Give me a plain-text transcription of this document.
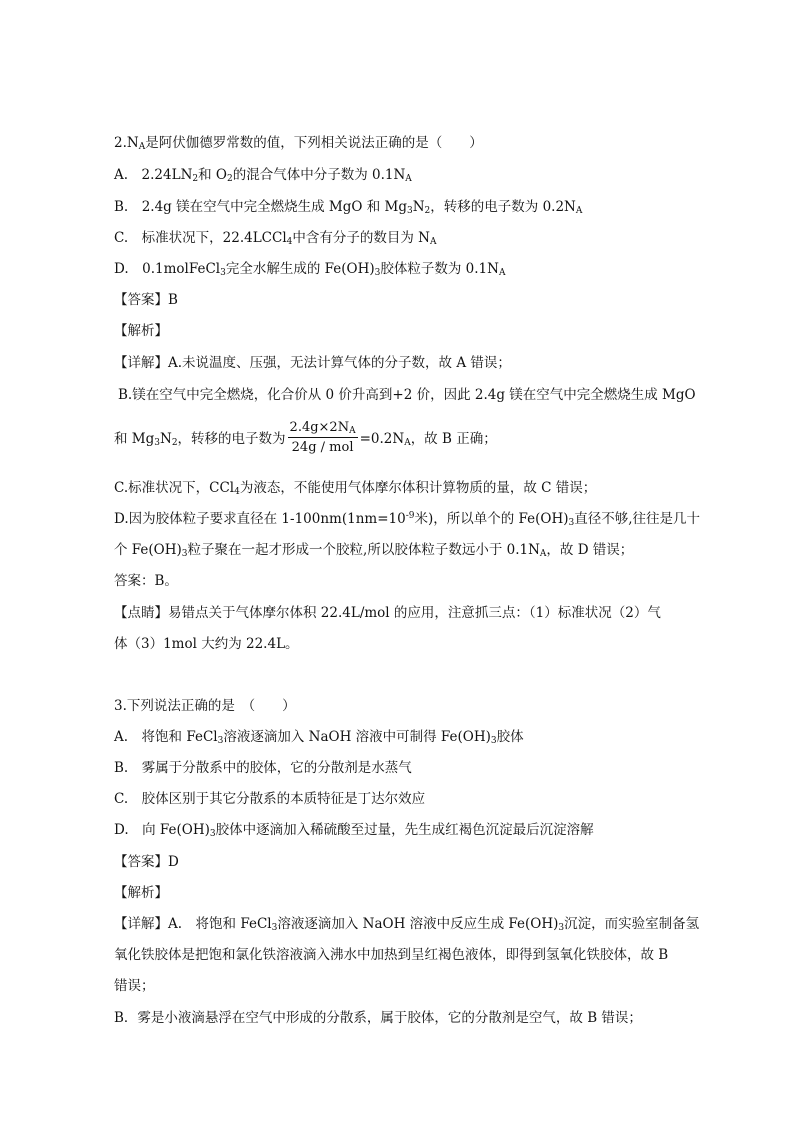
$2.N_A$是阿伏伽德罗常数的值，下列相关说法正确的是（　　）
A.　$2.24LN_2$和 $O_2$的混合气体中分子数为 $0.1N_A$
B.　2.4g 镁在空气中完全燃烧生成 MgO 和 $Mg_3N_2$，转移的电子数为 $0.2N_A$
C.　标准状况下，22.4LCCl$_4$中含有分子的数目为 $N_A$
D.　0.1molFeCl$_3$完全水解生成的 $Fe(OH)_3$胶体粒子数为 $0.1N_A$
【答案】B
【解析】
【详解】A.未说温度、压强，无法计算气体的分子数，故 A 错误；
B.镁在空气中完全燃烧，化合价从 0 价升高到+2 价，因此 2.4g 镁在空气中完全燃烧生成 MgO
和 $Mg_3N_2$，转移的电子数为 $\frac{2.4g\times 2N_A}{\text{24g / mol}} =0.2N_A$，故 B 正确；
C.标准状况下，CCl$_4$为液态，不能使用气体摩尔体积计算物质的量，故 C 错误；
D.因为胶体粒子要求直径在 $1-100nm(1nm=10^{-9}$米)，所以单个的 $Fe(OH)_3$直径不够,往往是几十
个 $Fe(OH)_3$粒子聚在一起才形成一个胶粒,所以胶体粒子数远小于 $0.1N_A$，故 D 错误；
答案：B。
【点睛】易错点关于气体摩尔体积 22.4L/mol 的应用，注意抓三点：（1）标准状况（2）气
体（3）1mol 大约为 22.4L。
3.下列说法正确的是　（　　）
A.　将饱和 FeCl$_3$溶液逐滴加入 NaOH 溶液中可制得 $Fe(OH)_3$胶体
B.　雾属于分散系中的胶体，它的分散剂是水蒸气
C.　胶体区别于其它分散系的本质特征是丁达尔效应
D.　向 $Fe(OH)_3$胶体中逐滴加入稀硫酸至过量，先生成红褐色沉淀最后沉淀溶解
【答案】D
【解析】
【详解】A.　将饱和 FeCl$_3$溶液逐滴加入 NaOH 溶液中反应生成 $Fe(OH)_3$沉淀，而实验室制备氢
氧化铁胶体是把饱和氯化铁溶液滴入沸水中加热到呈红褐色液体，即得到氢氧化铁胶体，故 B
错误；
B．雾是小液滴悬浮在空气中形成的分散系，属于胶体，它的分散剂是空气，故 B 错误；
